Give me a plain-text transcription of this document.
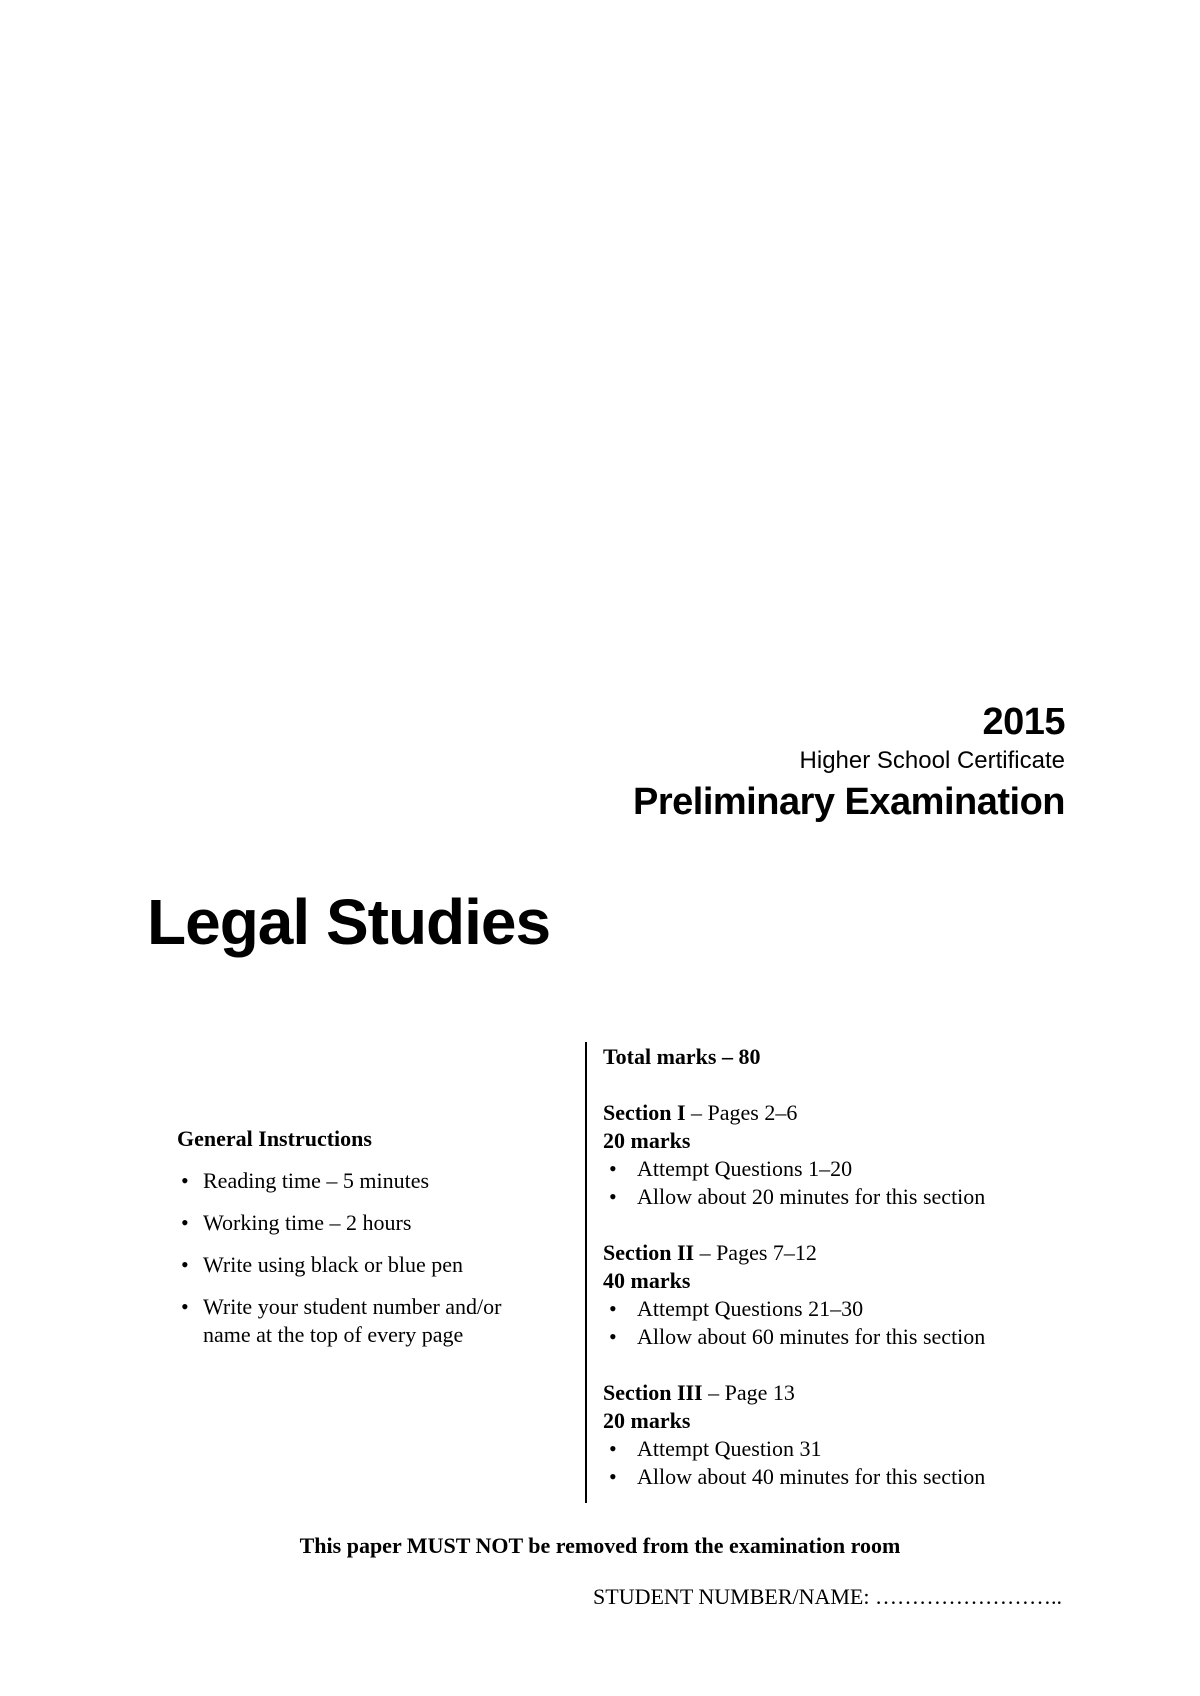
2015
Higher School Certificate
Preliminary Examination
Legal Studies
General Instructions
• Reading time – 5 minutes
• Working time – 2 hours
• Write using black or blue pen
• Write your student number and/or name at the top of every page
Total marks – 80
Section I – Pages 2–6
20 marks
• Attempt Questions 1–20
• Allow about 20 minutes for this section
Section II – Pages 7–12
40 marks
• Attempt Questions 21–30
• Allow about 60 minutes for this section
Section III – Page 13
20 marks
• Attempt Question 31
• Allow about 40 minutes for this section
This paper MUST NOT be removed from the examination room
STUDENT NUMBER/NAME: ……………………..
